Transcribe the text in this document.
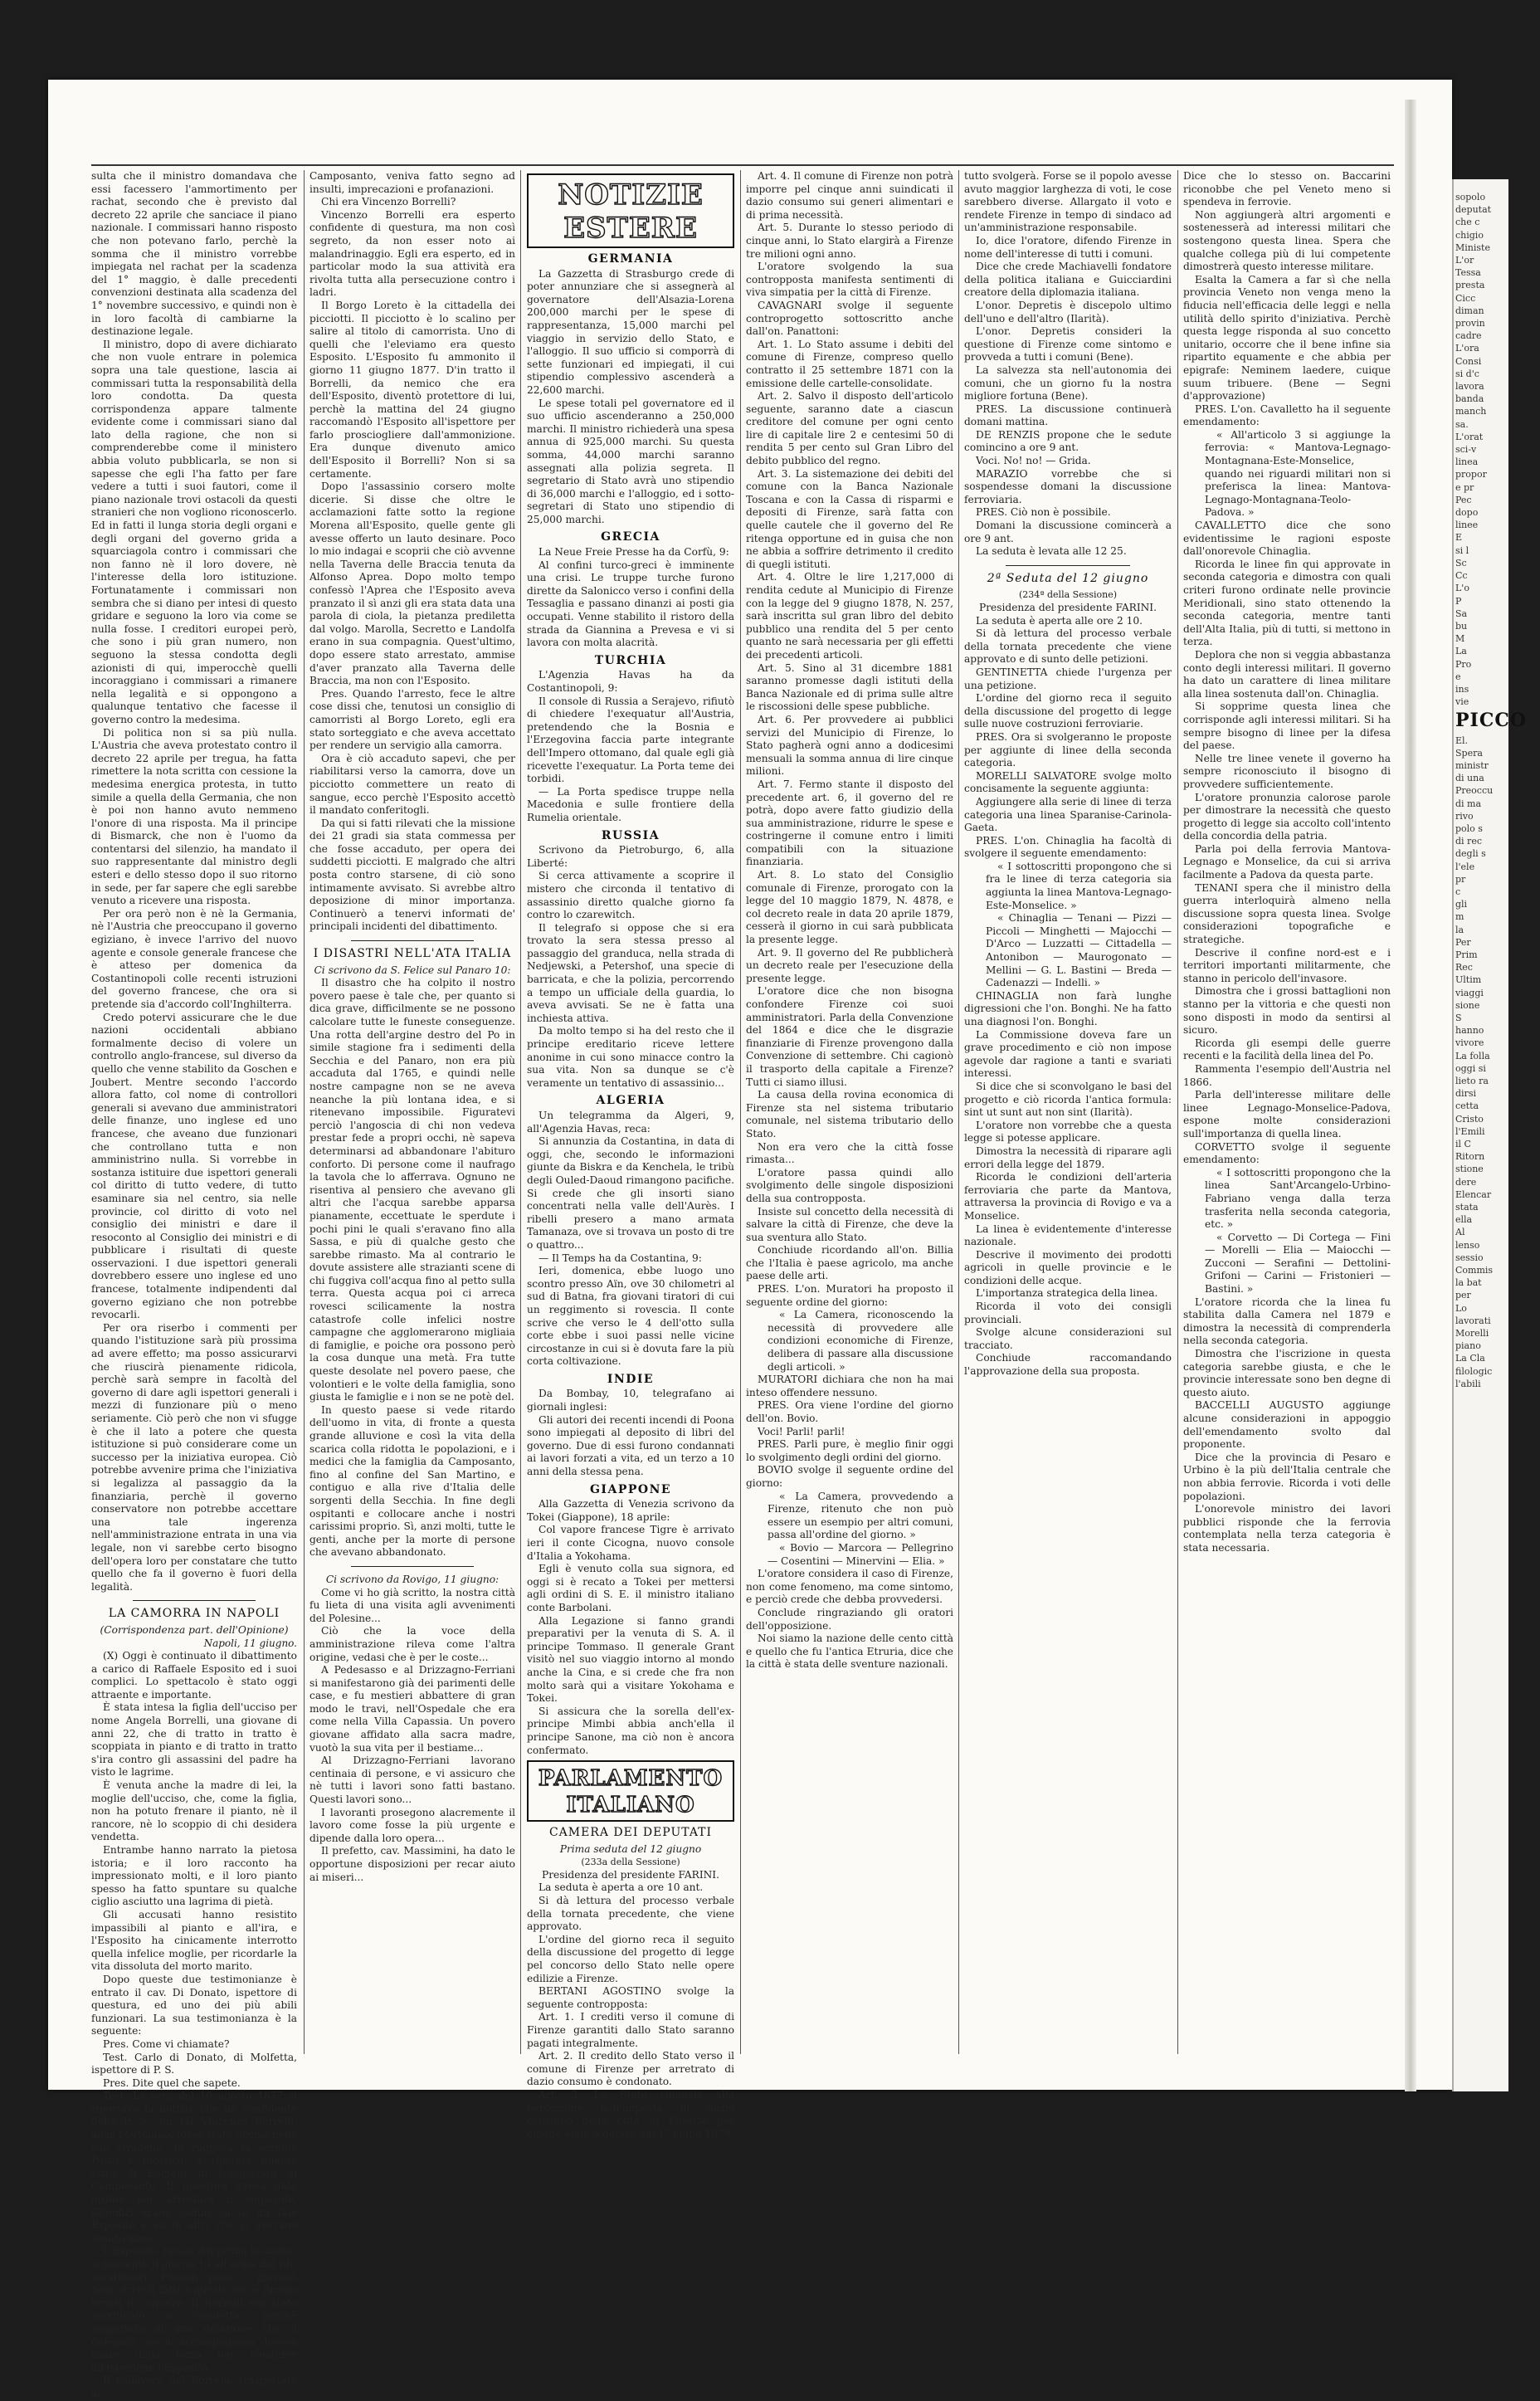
sulta che il ministro domandava che essi facessero l'ammortimento per rachat, secondo che è previsto dal decreto 22 aprile che sanciace il piano nazionale. I commissari hanno risposto che non potevano farlo, perchè la somma che il ministro vorrebbe impiegata nel rachat per la scadenza del 1° maggio, è dalle precedenti convenzioni destinata alla scadenza del 1° novembre successivo, e quindi non è in loro facoltà di cambiarne la destinazione legale.

Il ministro, dopo di avere dichiarato che non vuole entrare in polemica sopra una tale questione, lascia ai commissari tutta la responsabilità della loro condotta. Da questa corrispondenza appare talmente evidente come i commissari siano dal lato della ragione, che non si comprenderebbe come il ministero abbia voluto pubblicarla, se non si sapesse che egli l'ha fatto per fare vedere a tutti i suoi fautori, come il piano nazionale trovi ostacoli da questi stranieri che non vogliono riconoscerlo. Ed in fatti il lunga storia degli organi e degli organi del governo grida a squarciagola contro i commissari che non fanno nè il loro dovere, nè l'interesse della loro istituzione. Fortunatamente i commissari non sembra che si diano per intesi di questo gridare e seguono la loro via come se nulla fosse. I creditori europei però, che sono i più gran numero, non seguono la stessa condotta degli azionisti di qui, imperocchè quelli incoraggiano i commissari a rimanere nella legalità e si oppongono a qualunque tentativo che facesse il governo contro la medesima.

Di politica non si sa più nulla. L'Austria che aveva protestato contro il decreto 22 aprile per tregua, ha fatta rimettere la nota scritta con cessione la medesima energica protesta, in tutto simile a quella della Germania, che non è poi non hanno avuto nemmeno l'onore di una risposta. Ma il principe di Bismarck, che non è l'uomo da contentarsi del silenzio, ha mandato il suo rappresentante dal ministro degli esteri e dello stesso dopo il suo ritorno in sede, per far sapere che egli sarebbe venuto a ricevere una risposta.

Per ora però non è nè la Germania, nè l'Austria che preoccupano il governo egiziano, è invece l'arrivo del nuovo agente e console generale francese che è atteso per domenica da Costantinopoli colle recenti istruzioni del governo francese, che ora si pretende sia d'accordo coll'Inghilterra.

Credo potervi assicurare che le due nazioni occidentali abbiano formalmente deciso di volere un controllo anglo-francese, sul diverso da quello che venne stabilito da Goschen e Joubert. Mentre secondo l'accordo allora fatto, col nome di controllori generali si avevano due amministratori delle finanze, uno inglese ed uno francese, che aveano due funzionari che controllano tutta e non amministrino nulla. Si vorrebbe in sostanza istituire due ispettori generali col diritto di tutto vedere, di tutto esaminare sia nel centro, sia nelle provincie, col diritto di voto nel consiglio dei ministri e dare il resoconto al Consiglio dei ministri e di pubblicare i risultati di queste osservazioni. I due ispettori generali dovrebbero essere uno inglese ed uno francese, totalmente indipendenti dal governo egiziano che non potrebbe revocarli.

Per ora riserbo i commenti per quando l'istituzione sarà più prossima ad avere effetto; ma posso assicurarvi che riuscirà pienamente ridicola, perchè sarà sempre in facoltà del governo di dare agli ispettori generali i mezzi di funzionare più o meno seriamente. Ciò però che non vi sfugge è che il lato a potere che questa istituzione si può considerare come un successo per la iniziativa europea. Ciò potrebbe avvenire prima che l'iniziativa si legalizza al passaggio da la finanziaria, perchè il governo conservatore non potrebbe accettare una tale ingerenza nell'amministrazione entrata in una via legale, non vi sarebbe certo bisogno dell'opera loro per constatare che tutto quello che fa il governo è fuori della legalità.

LA CAMORRA IN NAPOLI
(Corrispondenza part. dell'Opinione)
Napoli, 11 giugno.

(X) Oggi è continuato il dibattimento a carico di Raffaele Esposito ed i suoi complici. Lo spettacolo è stato oggi attraente e importante.

È stata intesa la figlia dell'ucciso per nome Angela Borrelli, una giovane di anni 22, che di tratto in tratto è scoppiata in pianto e di tratto in tratto s'ira contro gli assassini del padre ha visto le lagrime.

È venuta anche la madre di lei, la moglie dell'ucciso, che, come la figlia, non ha potuto frenare il pianto, nè il rancore, nè lo scoppio di chi desidera vendetta.

Entrambe hanno narrato la pietosa istoria; e il loro racconto ha impressionato molti, e il loro pianto spesso ha fatto spuntare su qualche ciglio asciutto una lagrima di pietà.

Gli accusati hanno resistito impassibili al pianto e all'ira, e l'Esposito ha cinicamente interrotto quella infelice moglie, per ricordarle la vita dissoluta del morto marito.

Dopo queste due testimonianze è entrato il cav. Di Donato, ispettore di questura, ed uno dei più abili funzionari. La sua testimonianza è la seguente:

Pres. Come vi chiamate?

Test. Carlo di Donato, di Molfetta, ispettore di P. S.

Pres. Dite quel che sapete.

Test. La sera del 10 agosto 1877 si riportava la notizia che un confidente della P. S., un tal Vincenzo Borrelli, alias l'Ortolano, fosse stato ucciso nelle sue stradelle. Io roggeva la sezione Porto e incaricai a ripetere quanto fatto. Il Borrelli fu trasportato al Camposanto. Il questore aveva dato ordine per arrestare il colpevole. Gl'indizi erano caduti su di un tale Esposito e su di altri che si avevano tenuto mano.

L'Esposito, recasi dapprima latitante, si presentò il giorno 13 all'arma dei RR. carabinieri. Furono presi i giornali degli arresti fatti a questo reo e furono tenuti in carcere. Il Borrelli era stato sacrificato a vendetta perchè sospettato di una delazione che il delegato che lo accompagnava doveva usare della forza per condurre all'ispezione l'Esposito.

Il cadavere del Borrelli, trasportato al

Camposanto, veniva fatto segno ad insulti, imprecazioni e profanazioni.

Chi era Vincenzo Borrelli?

Vincenzo Borrelli era esperto confidente di questura, ma non così segreto, da non esser noto ai malandrinaggio. Egli era esperto, ed in particolar modo la sua attività era rivolta tutta alla persecuzione contro i ladri.

Il Borgo Loreto è la cittadella dei picciotti. Il picciotto è lo scalino per salire al titolo di camorrista. Uno di quelli che l'eleviamo era questo Esposito. L'Esposito fu ammonito il giorno 11 giugno 1877. D'in tratto il Borrelli, da nemico che era dell'Esposito, diventò protettore di lui, perchè la mattina del 24 giugno raccomandò l'Esposito all'ispettore per farlo prosciogliere dall'ammonizione. Era dunque divenuto amico dell'Esposito il Borrelli? Non si sa certamente.

Dopo l'assassinio corsero molte dicerie. Si disse che oltre le acclamazioni fatte sotto la regione Morena all'Esposito, quelle gente gli avesse offerto un lauto desinare. Poco lo mio indagai e scoprii che ciò avvenne nella Taverna delle Braccia tenuta da Alfonso Aprea. Dopo molto tempo confessò l'Aprea che l'Esposito aveva pranzato il sì anzi gli era stata data una parola di ciola, la pietanza prediletta dal volgo. Marolla, Secretto e Landolfa erano in sua compagnia. Quest'ultimo, dopo essere stato arrestato, ammise d'aver pranzato alla Taverna delle Braccia, ma non con l'Esposito.

Pres. Quando l'arresto, fece le altre cose dissi che, tenutosi un consiglio di camorristi al Borgo Loreto, egli era stato sorteggiato e che aveva accettato per rendere un servigio alla camorra.

Ora è ciò accaduto sapevi, che per riabilitarsi verso la camorra, dove un picciotto commettere un reato di sangue, ecco perchè l'Esposito accettò il mandato conferitogli.

Da qui si fatti rilevati che la missione dei 21 gradi sia stata commessa per che fosse accaduto, per opera dei suddetti picciotti. E malgrado che altri posta contro starsene, di ciò sono intimamente avvisato. Si avrebbe altro deposizione di minor importanza. Continuerò a tenervi informati de' principali incidenti del dibattimento.

I DISASTRI NELL'ATA ITALIA
Ci scrivono da S. Felice sul Panaro 10:

Il disastro che ha colpito il nostro povero paese è tale che, per quanto si dica grave, difficilmente se ne possono calcolare tutte le funeste conseguenze. Una rotta dell'argine destro del Po in simile stagione fra i sedimenti della Secchia e del Panaro, non era più accaduta dal 1765, e quindi nelle nostre campagne non se ne aveva neanche la più lontana idea, e si ritenevano impossibile. Figuratevi perciò l'angoscia di chi non vedeva prestar fede a propri occhi, nè sapeva determinarsi ad abbandonare l'abituro conforto. Di persone come il naufrago la tavola che lo afferrava. Ognuno ne risentiva al pensiero che avevano gli altri che l'acqua sarebbe apparsa pianamente, eccettuate le sperdute i pochi pini le quali s'eravano fino alla Sassa, e più di qualche gesto che sarebbe rimasto. Ma al contrario le dovute assistere alle strazianti scene di chi fuggiva coll'acqua fino al petto sulla terra. Questa acqua poi ci arreca rovesci scilicamente la nostra catastrofe colle infelici nostre campagne che agglomerarono migliaia di famiglie, e poiche ora possono però la cosa dunque una metà. Fra tutte queste desolate nel povero paese, che volontieri e le volte della famiglia, sono giusta le famiglie e i non se ne potè del.

In questo paese si vede ritardo dell'uomo in vita, di fronte a questa grande alluvione e così la vita della scarica colla ridotta le popolazioni, e i medici che la famiglia da Camposanto, fino al confine del San Martino, e contiguo e alla rive d'Italia delle sorgenti della Secchia. In fine degli ospitanti e collocare anche i nostri carissimi proprio. Sì, anzi molti, tutte le genti, anche per la morte di persone che avevano abbandonato.

Ci scrivono da Rovigo, 11 giugno:

Come vi ho già scritto, la nostra città fu lieta di una visita agli avvenimenti del Polesine...

Ciò che la voce della amministrazione rileva come l'altra origine, vedasi che è per le coste...

A Pedesasso e al Drizzagno-Ferriani si manifestarono già dei parimenti delle case, e fu mestieri abbattere di gran modo le travi, nell'Ospedale che era come nella Villa Capassia. Un povero giovane affidato alla sacra madre, vuotò la sua vita per il bestiame...

Al Drizzagno-Ferriani lavorano centinaia di persone, e vi assicuro che nè tutti i lavori sono fatti bastano. Questi lavori sono...

I lavoranti prosegono alacremente il lavoro come fosse la più urgente e dipende dalla loro opera...

Il prefetto, cav. Massimini, ha dato le opportune disposizioni per recar aiuto ai miseri...

NOTIZIE ESTERE
GERMANIA

La Gazzetta di Strasburgo crede di poter annunziare che si assegnerà al governatore dell'Alsazia-Lorena 200,000 marchi per le spese di rappresentanza, 15,000 marchi pel viaggio in servizio dello Stato, e l'alloggio. Il suo ufficio si comporrà di sette funzionari ed impiegati, il cui stipendio complessivo ascenderà a 22,600 marchi.

Le spese totali pel governatore ed il suo ufficio ascenderanno a 250,000 marchi. Il ministro richiederà una spesa annua di 925,000 marchi. Su questa somma, 44,000 marchi saranno assegnati alla polizia segreta. Il segretario di Stato avrà uno stipendio di 36,000 marchi e l'alloggio, ed i sotto-segretari di Stato uno stipendio di 25,000 marchi.

GRECIA

La Neue Freie Presse ha da Corfù, 9:

Al confini turco-greci è imminente una crisi. Le truppe turche furono dirette da Salonicco verso i confini della Tessaglia e passano dinanzi ai posti gia occupati. Venne stabilito il ristoro della strada da Giannina a Prevesa e vi si lavora con molta alacrità.

TURCHIA

L'Agenzia Havas ha da Costantinopoli, 9:

Il console di Russia a Serajevo, rifiutò di chiedere l'exequatur all'Austria, pretendendo che la Bosnia e l'Erzegovina faccia parte integrante dell'Impero ottomano, dal quale egli già ricevette l'exequatur. La Porta teme dei torbidi.

— La Porta spedisce truppe nella Macedonia e sulle frontiere della Rumelia orientale.

RUSSIA

Scrivono da Pietroburgo, 6, alla Liberté:

Si cerca attivamente a scoprire il mistero che circonda il tentativo di assassinio diretto qualche giorno fa contro lo czarewitch.

Il telegrafo si oppose che si era trovato la sera stessa presso al passaggio del granduca, nella strada di Nedjewski, a Petershof, una specie di barricata, e che la polizia, percorrendo a tempo un ufficiale della guardia, lo aveva avvisati. Se ne è fatta una inchiesta attiva.

Da molto tempo si ha del resto che il principe ereditario riceve lettere anonime in cui sono minacce contro la sua vita. Non sa dunque se c'è veramente un tentativo di assassinio...

ALGERIA

Un telegramma da Algeri, 9, all'Agenzia Havas, reca:

Si annunzia da Costantina, in data di oggi, che, secondo le informazioni giunte da Biskra e da Kenchela, le tribù degli Ouled-Daoud rimangono pacifiche. Si crede che gli insorti siano concentrati nella valle dell'Aurès. I ribelli presero a mano armata Tamanaza, ove si trovava un posto di tre o quattro...

— Il Temps ha da Costantina, 9:

Ieri, domenica, ebbe luogo uno scontro presso Aïn, ove 30 chilometri al sud di Batna, fra giovani tiratori di cui un reggimento si rovescia. Il conte scrive che verso le 4 dell'otto sulla corte ebbe i suoi passi nelle vicine circostanze in cui si è dovuta fare la più corta coltivazione.

INDIE

Da Bombay, 10, telegrafano ai giornali inglesi:

Gli autori dei recenti incendi di Poona sono impiegati al deposito di libri del governo. Due di essi furono condannati ai lavori forzati a vita, ed un terzo a 10 anni della stessa pena.

GIAPPONE

Alla Gazzetta di Venezia scrivono da Tokei (Giappone), 18 aprile:

Col vapore francese Tigre è arrivato ieri il conte Cicogna, nuovo console d'Italia a Yokohama.

Egli è venuto colla sua signora, ed oggi si è recato a Tokei per mettersi agli ordini di S. E. il ministro italiano conte Barbolani.

Alla Legazione si fanno grandi preparativi per la venuta di S. A. il principe Tommaso. Il generale Grant visitò nel suo viaggio intorno al mondo anche la Cina, e si crede che fra non molto sarà qui a visitare Yokohama e Tokei.

Si assicura che la sorella dell'ex-principe Mimbi abbia anch'ella il principe Sanone, ma ciò non è ancora confermato.

PARLAMENTO ITALIANO
CAMERA DEI DEPUTATI
Prima seduta del 12 giugno
(233a della Sessione)
Presidenza del presidente FARINI.

La seduta è aperta a ore 10 ant.

Si dà lettura del processo verbale della tornata precedente, che viene approvato.

L'ordine del giorno reca il seguito della discussione del progetto di legge pel concorso dello Stato nelle opere edilizie a Firenze.

BERTANI AGOSTINO svolge la seguente contropposta:

Art. 1. I crediti verso il comune di Firenze garantiti dallo Stato saranno pagati integralmente.

Art. 2. Il credito dello Stato verso il comune di Firenze per arretrato di dazio consumo è condonato.

Art. 3. Lo Stato rinunzia alla percezione dell'imposta di dazio consumo della città di Firenze per cinque anni, a datare dal 1° luglio 1879.

Art. 4. Il comune di Firenze non potrà imporre pel cinque anni suindicati il dazio consumo sui generi alimentari e di prima necessità.

Art. 5. Durante lo stesso periodo di cinque anni, lo Stato elargirà a Firenze tre milioni ogni anno.

L'oratore svolgendo la sua contropposta manifesta sentimenti di viva simpatia per la città di Firenze.

CAVAGNARI svolge il seguente controprogetto sottoscritto anche dall'on. Panattoni:

Art. 1. Lo Stato assume i debiti del comune di Firenze, compreso quello contratto il 25 settembre 1871 con la emissione delle cartelle-consolidate.

Art. 2. Salvo il disposto dell'articolo seguente, saranno date a ciascun creditore del comune per ogni cento lire di capitale lire 2 e centesimi 50 di rendita 5 per cento sul Gran Libro del debito pubblico del regno.

Art. 3. La sistemazione dei debiti del comune con la Banca Nazionale Toscana e con la Cassa di risparmi e depositi di Firenze, sarà fatta con quelle cautele che il governo del Re ritenga opportune ed in guisa che non ne abbia a soffrire detrimento il credito di quegli istituti.

Art. 4. Oltre le lire 1,217,000 di rendita cedute al Municipio di Firenze con la legge del 9 giugno 1878, N. 257, sarà inscritta sul gran libro del debito pubblico una rendita del 5 per cento quanto ne sarà necessaria per gli effetti dei precedenti articoli.

Art. 5. Sino al 31 dicembre 1881 saranno promesse dagli istituti della Banca Nazionale ed di prima sulle altre le riscossioni delle spese pubbliche.

Art. 6. Per provvedere ai pubblici servizi del Municipio di Firenze, lo Stato pagherà ogni anno a dodicesimi mensuali la somma annua di lire cinque milioni.

Art. 7. Fermo stante il disposto del precedente art. 6, il governo del re potrà, dopo avere fatto giudizio della sua amministrazione, ridurre le spese e costringerne il comune entro i limiti compatibili con la situazione finanziaria.

Art. 8. Lo stato del Consiglio comunale di Firenze, prorogato con la legge del 10 maggio 1879, N. 4878, e col decreto reale in data 20 aprile 1879, cesserà il giorno in cui sarà pubblicata la presente legge.

Art. 9. Il governo del Re pubblicherà un decreto reale per l'esecuzione della presente legge.

L'oratore dice che non bisogna confondere Firenze coi suoi amministratori. Parla della Convenzione del 1864 e dice che le disgrazie finanziarie di Firenze provengono dalla Convenzione di settembre. Chi cagionò il trasporto della capitale a Firenze? Tutti ci siamo illusi.

La causa della rovina economica di Firenze sta nel sistema tributario comunale, nel sistema tributario dello Stato.

Non era vero che la città fosse rimasta...

L'oratore passa quindi allo svolgimento delle singole disposizioni della sua contropposta.

Insiste sul concetto della necessità di salvare la città di Firenze, che deve la sua sventura allo Stato.

Conchiude ricordando all'on. Billia che l'Italia è paese agricolo, ma anche paese delle arti.

PRES. L'on. Muratori ha proposto il seguente ordine del giorno:

« La Camera, riconoscendo la necessità di provvedere alle condizioni economiche di Firenze, delibera di passare alla discussione degli articoli. »

MURATORI dichiara che non ha mai inteso offendere nessuno.

PRES. Ora viene l'ordine del giorno dell'on. Bovio.

Voci! Parli! parli!

PRES. Parli pure, è meglio finir oggi lo svolgimento degli ordini del giorno.

BOVIO svolge il seguente ordine del giorno:

« La Camera, provvedendo a Firenze, ritenuto che non può essere un esempio per altri comuni, passa all'ordine del giorno. »

« Bovio — Marcora — Pellegrino — Cosentini — Minervini — Elia. »

L'oratore considera il caso di Firenze, non come fenomeno, ma come sintomo, e perciò crede che debba provvedersi.

Conclude ringraziando gli oratori dell'opposizione.

Noi siamo la nazione delle cento città e quello che fu l'antica Etruria, dice che la città è stata delle sventure nazionali.

tutto svolgerà. Forse se il popolo avesse avuto maggior larghezza di voti, le cose sarebbero diverse. Allargato il voto e rendete Firenze in tempo di sindaco ad un'amministrazione responsabile.

Io, dice l'oratore, difendo Firenze in nome dell'interesse di tutti i comuni.

Dice che crede Machiavelli fondatore della politica italiana e Guicciardini creatore della diplomazia italiana.

L'onor. Depretis è discepolo ultimo dell'uno e dell'altro (Ilarità).

L'onor. Depretis consideri la questione di Firenze come sintomo e provveda a tutti i comuni (Bene).

La salvezza sta nell'autonomia dei comuni, che un giorno fu la nostra migliore fortuna (Bene).

PRES. La discussione continuerà domani mattina.

DE RENZIS propone che le sedute comincino a ore 9 ant.

Voci. No! no! — Grida.

MARAZIO vorrebbe che si sospendesse domani la discussione ferroviaria.

PRES. Ciò non è possibile.

Domani la discussione comincerà a ore 9 ant.

La seduta è levata alle 12 25.

2ª Seduta del 12 giugno
(234ª della Sessione)
Presidenza del presidente FARINI.

La seduta è aperta alle ore 2 10.

Si dà lettura del processo verbale della tornata precedente che viene approvato e di sunto delle petizioni.

GENTINETTA chiede l'urgenza per una petizione.

L'ordine del giorno reca il seguito della discussione del progetto di legge sulle nuove costruzioni ferroviarie.

PRES. Ora si svolgeranno le proposte per aggiunte di linee della seconda categoria.

MORELLI SALVATORE svolge molto concisamente la seguente aggiunta:

Aggiungere alla serie di linee di terza categoria una linea Sparanise-Carinola-Gaeta.

PRES. L'on. Chinaglia ha facoltà di svolgere il seguente emendamento:

« I sottoscritti propongono che si fra le linee di terza categoria sia aggiunta la linea Mantova-Legnago-Este-Monselice. »

« Chinaglia — Tenani — Pizzi — Piccoli — Minghetti — Majocchi — D'Arco — Luzzatti — Cittadella — Antonibon — Maurogonato — Mellini — G. L. Bastini — Breda — Cadenazzi — Indelli. »

CHINAGLIA non farà lunghe digressioni che l'on. Bonghi. Ne ha fatto una diagnosi l'on. Bonghi.

La Commissione doveva fare un grave procedimento e ciò non impose agevole dar ragione a tanti e svariati interessi.

Si dice che si sconvolgano le basi del progetto e ciò ricorda l'antica formula: sint ut sunt aut non sint (Ilarità).

L'oratore non vorrebbe che a questa legge si potesse applicare.

Dimostra la necessità di riparare agli errori della legge del 1879.

Ricorda le condizioni dell'arteria ferroviaria che parte da Mantova, attraversa la provincia di Rovigo e va a Monselice.

La linea è evidentemente d'interesse nazionale.

Descrive il movimento dei prodotti agricoli in quelle provincie e le condizioni delle acque.

L'importanza strategica della linea.

Ricorda il voto dei consigli provinciali.

Svolge alcune considerazioni sul tracciato.

Conchiude raccomandando l'approvazione della sua proposta.

Dice che lo stesso on. Baccarini riconobbe che pel Veneto meno si spendeva in ferrovie.

Non aggiungerà altri argomenti e sostenesserà ad interessi militari che sostengono questa linea. Spera che qualche collega più di lui competente dimostrerà questo interesse militare.

Esalta la Camera a far sì che nella provincia Veneto non venga meno la fiducia nell'efficacia delle leggi e nella utilità dello spirito d'iniziativa. Perchè questa legge risponda al suo concetto unitario, occorre che il bene infine sia ripartito equamente e che abbia per epigrafe: Neminem laedere, cuique suum tribuere. (Bene — Segni d'approvazione)

PRES. L'on. Cavalletto ha il seguente emendamento:

« All'articolo 3 si aggiunge la ferrovia: « Mantova-Legnago-Montagnana-Este-Monselice, quando nei riguardi militari non si preferisca la linea: Mantova-Legnago-Montagnana-Teolo-Padova. »

CAVALLETTO dice che sono evidentissime le ragioni esposte dall'onorevole Chinaglia.

Ricorda le linee fin qui approvate in seconda categoria e dimostra con quali criteri furono ordinate nelle provincie Meridionali, sino stato ottenendo la seconda categoria, mentre tanti dell'Alta Italia, più di tutti, si mettono in terza.

Deplora che non si veggia abbastanza conto degli interessi militari. Il governo ha dato un carattere di linea militare alla linea sostenuta dall'on. Chinaglia.

Si sopprime questa linea che corrisponde agli interessi militari. Si ha sempre bisogno di linee per la difesa del paese.

Nelle tre linee venete il governo ha sempre riconosciuto il bisogno di provvedere sufficientemente.

L'oratore pronunzia calorose parole per dimostrare la necessità che questo progetto di legge sia accolto coll'intento della concordia della patria.

Parla poi della ferrovia Mantova-Legnago e Monselice, da cui si arriva facilmente a Padova da questa parte.

TENANI spera che il ministro della guerra interloquirà almeno nella discussione sopra questa linea. Svolge considerazioni topografiche e strategiche.

Descrive il confine nord-est e i territori importanti militarmente, che stanno in pericolo dell'invasore.

Dimostra che i grossi battaglioni non stanno per la vittoria e che questi non sono disposti in modo da sentirsi al sicuro.

Ricorda gli esempi delle guerre recenti e la facilità della linea del Po.

Rammenta l'esempio dell'Austria nel 1866.

Parla dell'interesse militare delle linee Legnago-Monselice-Padova, espone molte considerazioni sull'importanza di quella linea.

CORVETTO svolge il seguente emendamento:

« I sottoscritti propongono che la linea Sant'Arcangelo-Urbino-Fabriano venga dalla terza trasferita nella seconda categoria, etc. »

« Corvetto — Di Cortega — Fini — Morelli — Elia — Maiocchi — Zucconi — Serafini — Dettolini-Grifoni — Carini — Fristonieri — Bastini. »

L'oratore ricorda che la linea fu stabilita dalla Camera nel 1879 e dimostra la necessità di comprenderla nella seconda categoria.

Dimostra che l'iscrizione in questa categoria sarebbe giusta, e che le provincie interessate sono ben degne di questo aiuto.

BACCELLI AUGUSTO aggiunge alcune considerazioni in appoggio dell'emendamento svolto dal proponente.

Dice che la provincia di Pesaro e Urbino è la più dell'Italia centrale che non abbia ferrovie. Ricorda i voti delle popolazioni.

L'onorevole ministro dei lavori pubblici risponde che la ferrovia contemplata nella terza categoria è stata necessaria.

sopolo
deputat
che c
chigio
Ministe
L'or
Tessa
presta
Cicc
diman
provin
cadre
L'ora
Consi
si d'c
lavora
banda
manch
sa.
L'orat
sci-v
linea
propor
e pr
Pec
dopo
linee
E
si l
Sc
Cc
L'o
P
Sa
bu
M
La
Pro
e
ins
vie
PICCO
El.
Spera
ministr
di una
Preoccu
di ma
rivo
polo s
di rec
degli s
l'ele
pr
c
gli
m
la
Per
Prim
Rec
Ultim
viaggi
sione
S
hanno
vivore
La folla
oggi si
lieto ra
dirsi
cetta
Cristo
l'Emili
il C
Ritorn
stione
dere
Elencar
stata
ella
Al
lenso
sessio
Commis
la bat
per
Lo
lavorati
Morelli
piano
La Cla
filologic
l'abili
